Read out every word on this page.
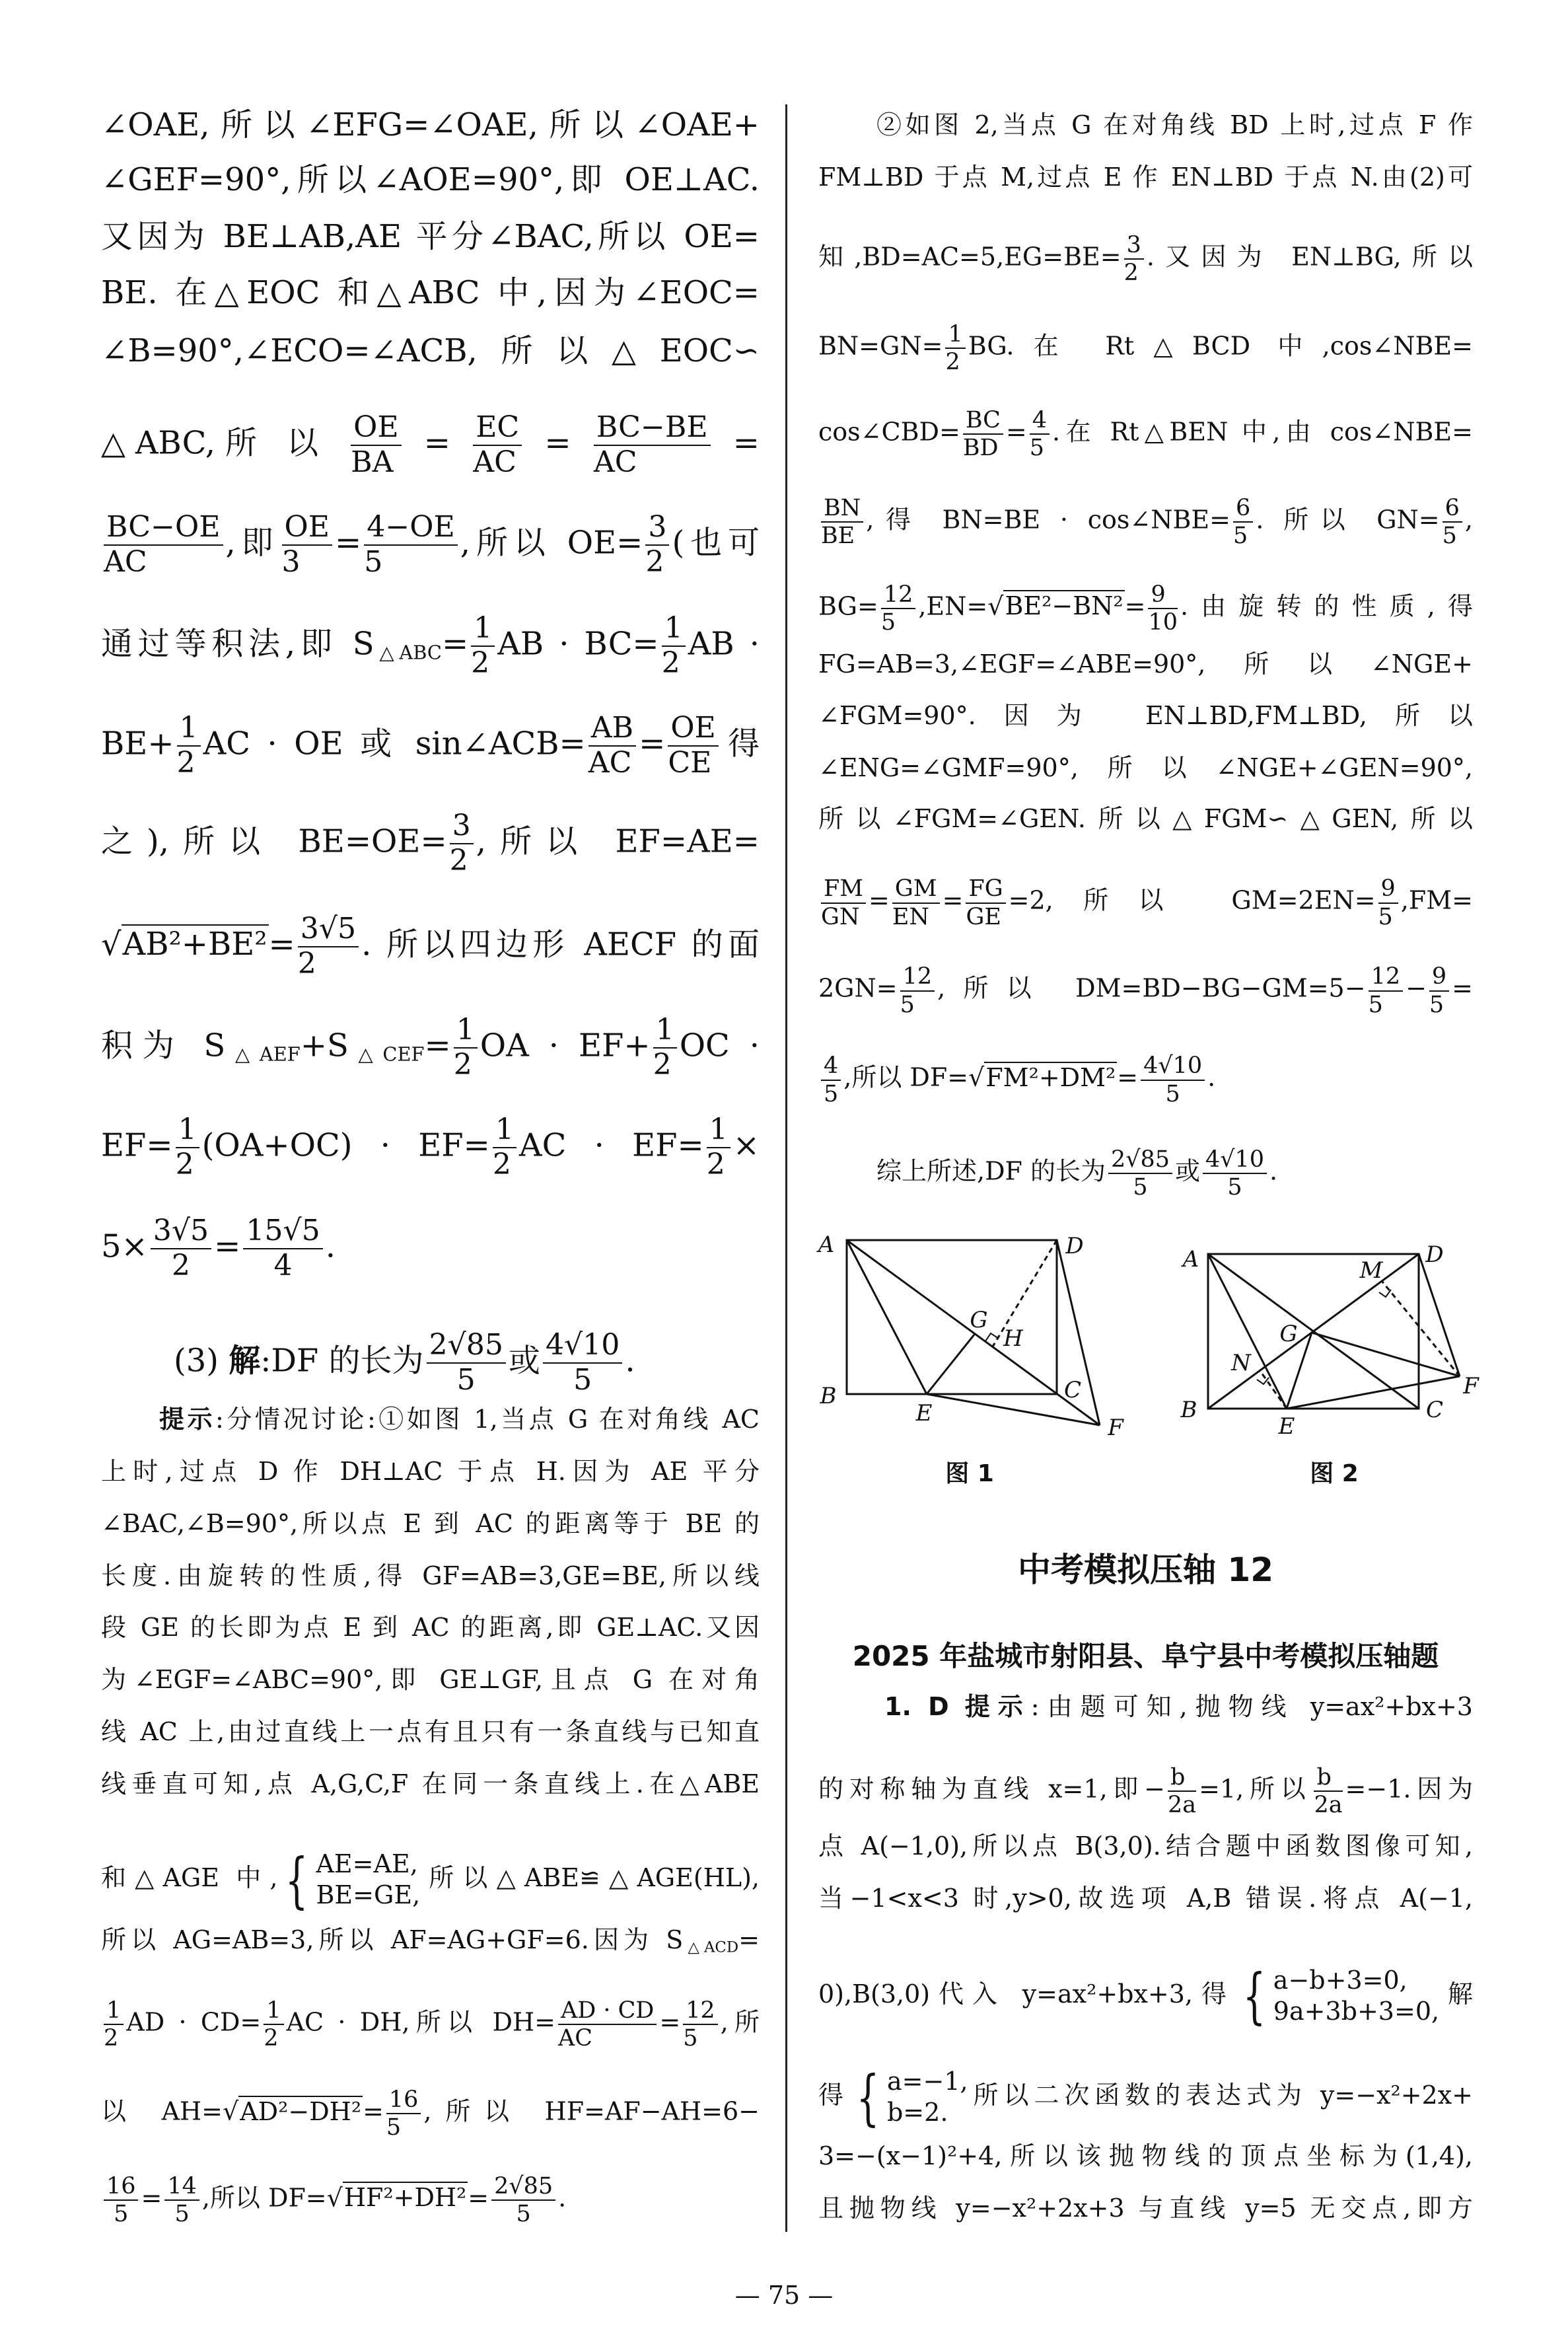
∠OAE,所以∠EFG=∠OAE,所以∠OAE+
∠GEF=90°,所以∠AOE=90°,即 OE⊥AC.
又因为 BE⊥AB,AE 平分∠BAC,所以 OE=
BE. 在△EOC 和△ABC 中,因为∠EOC=
∠B=90°,∠ECO=∠ACB,所以△EOC∽
△ABC,所 以 $\frac{OE}{BA} = \frac{EC}{AC} = \frac{BC-BE}{AC}$ =
$\frac{BC-OE}{AC}$ ,即 $\frac{OE}{3} = \frac{4-OE}{5}$ ,所以 $OE= \frac{3}{2}$ (也可
通过等积法,即 $S_{\triangle ABC}= \frac{1}{2}$ AB · $BC= \frac{1}{2}$ AB ·
$BE+ \frac{1}{2}$ AC · OE 或 sin∠ACB= $\frac{AB}{AC} = \frac{OE}{CE}$ 得
之),所以 $BE=OE= \frac{3}{2}$ ,所以 EF=AE=
$√AB^2+BE^2= \frac{3√5}{2}$ . 所以四边形 AECF 的面
积为 $S_{\triangle AEF}+S_{\triangle CEF}= \frac{1}{2}$ OA · $EF+ \frac{1}{2}$ OC ·
$EF= \frac{1}{2} (OA+OC) \cdot EF= \frac{1}{2}$ AC · $EF= \frac{1}{2}$ ×
$5\times \frac{3√5}{2} = \frac{15√5}{4}$ .
(3) 解:DF 的长为 $\frac{2√85}{5}$ 或 $\frac{4√10}{5}$ .
提示:分情况讨论:①如图 1,当点 G 在对角线 AC
上时,过点 D 作 DH⊥AC 于点 H.因为 AE 平分
∠BAC,∠B=90°,所以点 E 到 AC 的距离等于 BE 的
长度.由旋转的性质,得 GF=AB=3,GE=BE,所以线
段 GE 的长即为点 E 到 AC 的距离,即 GE⊥AC.又因
为∠EGF=∠ABC=90°,即 GE⊥GF,且点 G 在对角
线 AC 上,由过直线上一点有且只有一条直线与已知直
线垂直可知,点 A,G,C,F 在同一条直线上.在△ABE
和△AGE 中, { AE=AE,
BE=GE,
所以△ABE≌△AGE(HL),
所以 AG=AB=3,所以 AF=AG+GF=6.因为 $S_{\triangle ACD}=$
$\frac{1}{2}$ AD · $CD= \frac{1}{2}$ AC · DH,所以 $DH= \frac{AD \cdot CD}{AC} = \frac{12}{5}$ ,所
以 $AH=√AD^2-DH^2= \frac{16}{5}$ ,所以 HF=AF−AH=6−
$\frac{16}{5} = \frac{14}{5}$ ,所以 $DF=√HF^2+DH^2= \frac{2√85}{5}$ .
②如图 2,当点 G 在对角线 BD 上时,过点 F 作
FM⊥BD 于点 M,过点 E 作 EN⊥BD 于点 N.由(2)可
知$,BD=AC=5,EG=BE= \frac{3}{2}$ .又因为 EN⊥BG,所以
$BN=GN= \frac{1}{2}$ BG.在 Rt△BCD 中,cos∠NBE=
cos∠CBD= $\frac{BC}{BD} = \frac{4}{5}$ .在 Rt△BEN 中,由 cos∠NBE=
$\frac{BN}{BE}$ ,得 BN=BE · cos∠NBE= $\frac{6}{5}$ . 所以 $GN= \frac{6}{5}$ ,
$BG= \frac{12}{5} ,EN=√BE^2-BN^2= \frac{9}{10}$ .由旋转的性质,得
FG=AB=3,∠EGF=∠ABE=90°,所以∠NGE+
∠FGM=90°.因为 EN⊥BD,FM⊥BD,所以
∠ENG=∠GMF=90°,所以∠NGE+∠GEN=90°,
所以∠FGM=∠GEN.所以△FGM∽△GEN,所以
$\frac{FM}{GN} = \frac{GM}{EN} = \frac{FG}{GE} =2$,所以 $GM=2EN= \frac{9}{5} ,FM=$
$2GN= \frac{12}{5}$ ,所以 $DM=BD-BG-GM=5- \frac{12}{5} - \frac{9}{5}$ =
$\frac{4}{5}$ ,所以 $DF=√FM^2+DM^2= \frac{4√10}{5}$ .
综上所述,DF 的长为 $\frac{2√85}{5}$ 或 $\frac{4√10}{5}$ .
1. D 提示:由题可知,抛物线 y=ax²+bx+3
的对称轴为直线 x=1,即− $\frac{b}{2a} =1$,所以 $\frac{b}{2a} =-1$.因为
点 A(−1,0),所以点 B(3,0).结合题中函数图像可知,
当−1<x<3 时,y>0,故选项 A,B 错误.将点 A(−1,
0),B(3,0)代入 y=ax²+bx+3,得 { a−b+3=0,
9a+3b+3=0,
解
得 { a=−1,
b=2.
所以二次函数的表达式为 y=−x²+2x+
3=−(x−1)²+4,所以该抛物线的顶点坐标为(1,4),
且抛物线 y=−x²+2x+3 与直线 y=5 无交点,即方
中考模拟压轴 12
2025 年盐城市射阳县、阜宁县中考模拟压轴题
A	D
B	C
E
F
G
H
图 1
A	D
M
G
N
F
B	C
E
图 2
— 75 —
